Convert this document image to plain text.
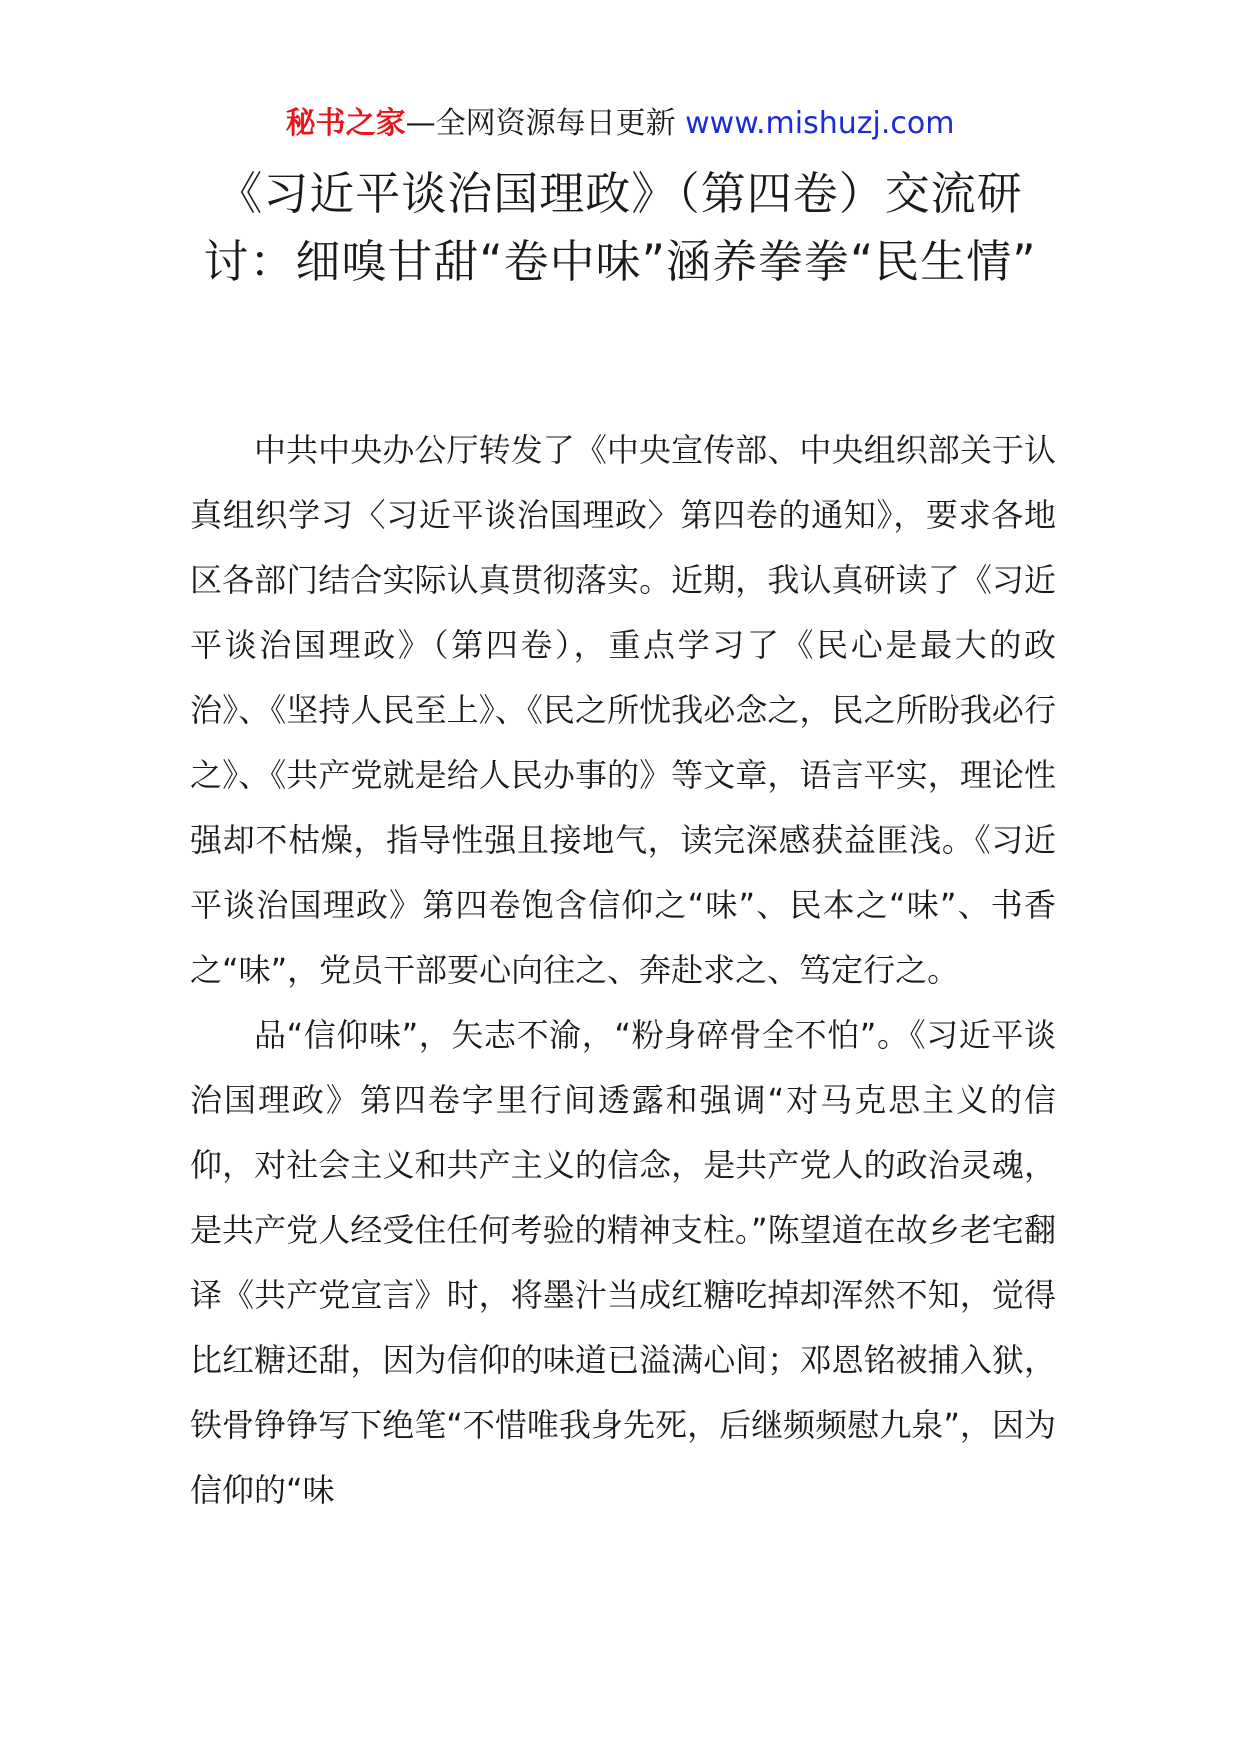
秘书之家—全网资源每日更新 www.mishuzj.com
《习近平谈治国理政》（第四卷）交流研讨：细嗅甘甜“卷中味”涵养拳拳“民生情”

中共中央办公厅转发了《中央宣传部、中央组织部关于认真组织学习〈习近平谈治国理政〉第四卷的通知》，要求各地区各部门结合实际认真贯彻落实。近期，我认真研读了《习近平谈治国理政》（第四卷），重点学习了《民心是最大的政治》、《坚持人民至上》、《民之所忧我必念之，民之所盼我必行之》、《共产党就是给人民办事的》等文章，语言平实，理论性强却不枯燥，指导性强且接地气，读完深感获益匪浅。《习近平谈治国理政》第四卷饱含信仰之“味”、民本之“味”、书香之“味”，党员干部要心向往之、奔赴求之、笃定行之。

品“信仰味”，矢志不渝，“粉身碎骨全不怕”。《习近平谈治国理政》第四卷字里行间透露和强调“对马克思主义的信仰，对社会主义和共产主义的信念，是共产党人的政治灵魂，是共产党人经受住任何考验的精神支柱。”陈望道在故乡老宅翻译《共产党宣言》时，将墨汁当成红糖吃掉却浑然不知，觉得比红糖还甜，因为信仰的味道已溢满心间；邓恩铭被捕入狱，铁骨铮铮写下绝笔“不惜唯我身先死，后继频频慰九泉”，因为信仰的“味
